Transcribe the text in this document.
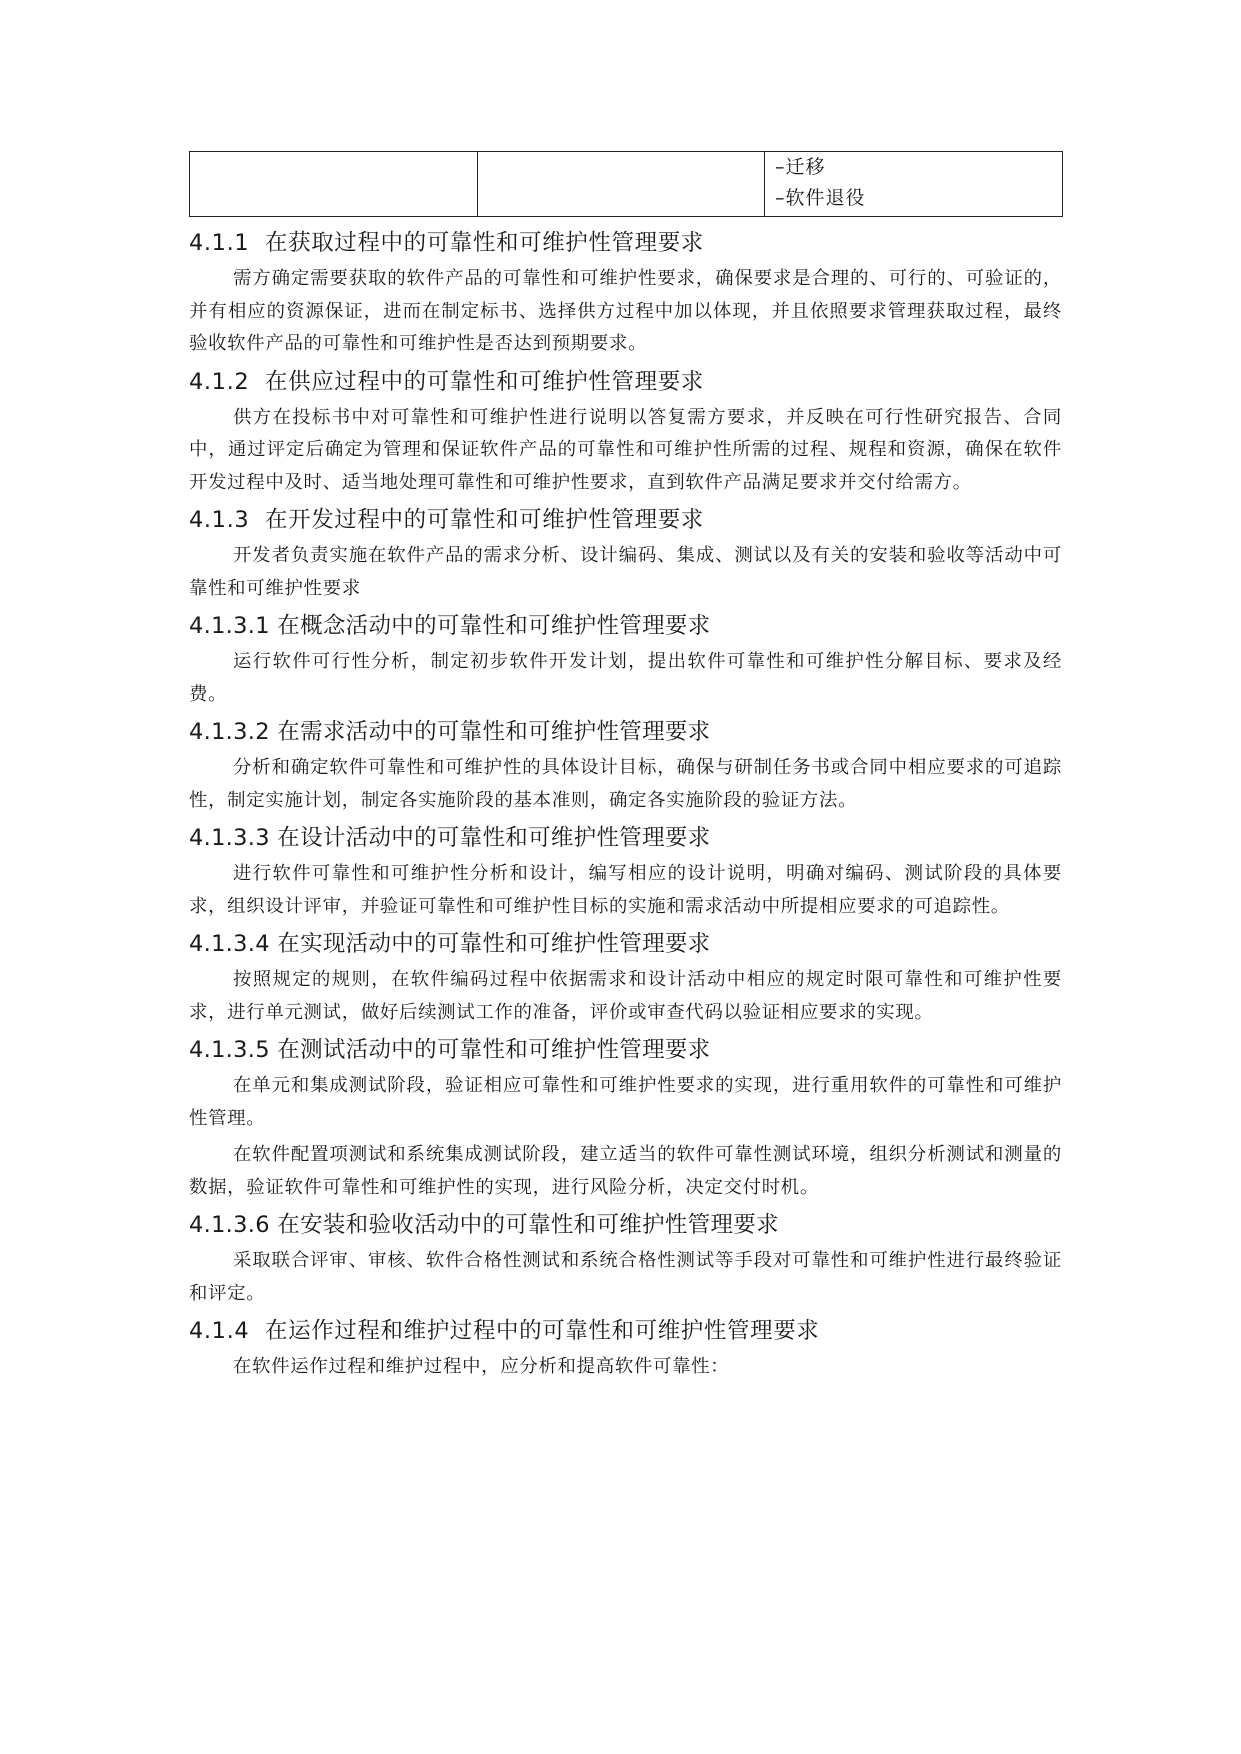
–迁移
–软件退役
4.1.1 在获取过程中的可靠性和可维护性管理要求

需方确定需要获取的软件产品的可靠性和可维护性要求，确保要求是合理的、可行的、可验证的，并有相应的资源保证，进而在制定标书、选择供方过程中加以体现，并且依照要求管理获取过程，最终验收软件产品的可靠性和可维护性是否达到预期要求。

4.1.2 在供应过程中的可靠性和可维护性管理要求

供方在投标书中对可靠性和可维护性进行说明以答复需方要求，并反映在可行性研究报告、合同中，通过评定后确定为管理和保证软件产品的可靠性和可维护性所需的过程、规程和资源，确保在软件开发过程中及时、适当地处理可靠性和可维护性要求，直到软件产品满足要求并交付给需方。

4.1.3 在开发过程中的可靠性和可维护性管理要求

开发者负责实施在软件产品的需求分析、设计编码、集成、测试以及有关的安装和验收等活动中可靠性和可维护性要求

4.1.3.1 在概念活动中的可靠性和可维护性管理要求

运行软件可行性分析，制定初步软件开发计划，提出软件可靠性和可维护性分解目标、要求及经费。

4.1.3.2 在需求活动中的可靠性和可维护性管理要求

分析和确定软件可靠性和可维护性的具体设计目标，确保与研制任务书或合同中相应要求的可追踪性，制定实施计划，制定各实施阶段的基本准则，确定各实施阶段的验证方法。

4.1.3.3 在设计活动中的可靠性和可维护性管理要求

进行软件可靠性和可维护性分析和设计，编写相应的设计说明，明确对编码、测试阶段的具体要求，组织设计评审，并验证可靠性和可维护性目标的实施和需求活动中所提相应要求的可追踪性。

4.1.3.4 在实现活动中的可靠性和可维护性管理要求

按照规定的规则，在软件编码过程中依据需求和设计活动中相应的规定时限可靠性和可维护性要求，进行单元测试，做好后续测试工作的准备，评价或审查代码以验证相应要求的实现。

4.1.3.5 在测试活动中的可靠性和可维护性管理要求

在单元和集成测试阶段，验证相应可靠性和可维护性要求的实现，进行重用软件的可靠性和可维护性管理。

在软件配置项测试和系统集成测试阶段，建立适当的软件可靠性测试环境，组织分析测试和测量的数据，验证软件可靠性和可维护性的实现，进行风险分析，决定交付时机。

4.1.3.6 在安装和验收活动中的可靠性和可维护性管理要求

采取联合评审、审核、软件合格性测试和系统合格性测试等手段对可靠性和可维护性进行最终验证和评定。

4.1.4 在运作过程和维护过程中的可靠性和可维护性管理要求

在软件运作过程和维护过程中，应分析和提高软件可靠性：
